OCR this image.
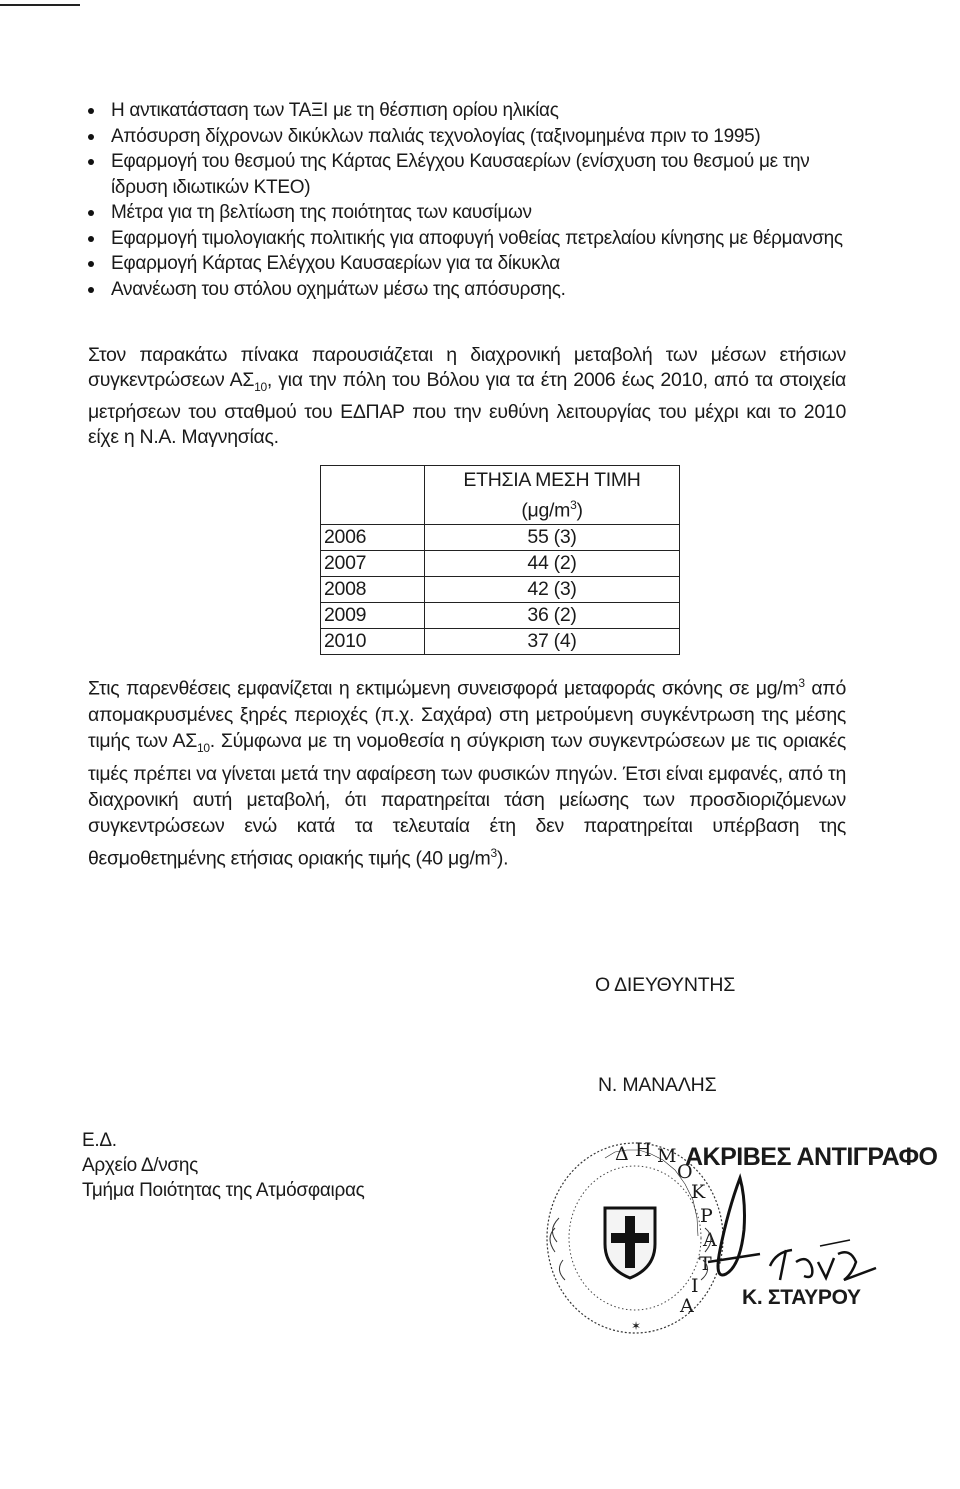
Η αντικατάσταση των ΤΑΞΙ με τη θέσπιση ορίου ηλικίας
Απόσυρση δίχρονων δικύκλων παλιάς τεχνολογίας (ταξινομημένα πριν το 1995)
Εφαρμογή του θεσμού της Κάρτας Ελέγχου Καυσαερίων (ενίσχυση του θεσμού με την ίδρυση ιδιωτικών ΚΤΕΟ)
Μέτρα για τη βελτίωση της ποιότητας των καυσίμων
Εφαρμογή τιμολογιακής πολιτικής για αποφυγή νοθείας πετρελαίου κίνησης με θέρμανσης
Εφαρμογή Κάρτας Ελέγχου Καυσαερίων για τα δίκυκλα
Ανανέωση του στόλου οχημάτων μέσω της απόσυρσης.

Στον παρακάτω πίνακα παρουσιάζεται η διαχρονική μεταβολή των μέσων ετήσιων συγκεντρώσεων $A\Sigma_{10}$, για την πόλη του Βόλου για τα έτη 2006 έως 2010, από τα στοιχεία μετρήσεων του σταθμού του ΕΔΠΑΡ που την ευθύνη λειτουργίας του μέχρι και το 2010 είχε η Ν.Α. Μαγνησίας.

	ΕΤΗΣΙΑ ΜΕΣΗ ΤΙΜΗ
$(\mu g/m^3)$

2006	55 (3)
2007	44 (2)
2008	42 (3)
2009	36 (2)
2010	37 (4)

Στις παρενθέσεις εμφανίζεται η εκτιμώμενη συνεισφορά μεταφοράς σκόνης σε $\mu g/m^3$ από απομακρυσμένες ξηρές περιοχές (π.χ. Σαχάρα) στη μετρούμενη συγκέντρωση της μέσης τιμής των $A\Sigma_{10}$. Σύμφωνα με τη νομοθεσία η σύγκριση των συγκεντρώσεων με τις οριακές τιμές πρέπει να γίνεται μετά την αφαίρεση των φυσικών πηγών. Έτσι είναι εμφανές, από τη διαχρονική αυτή μεταβολή, ότι παρατηρείται τάση μείωσης των προσδιοριζόμενων συγκεντρώσεων ενώ κατά τα τελευταία έτη δεν παρατηρείται υπέρβαση της θεσμοθετημένης ετήσιας οριακής τιμής (40 $\mu g/m^3$).

Ο ΔΙΕΥΘΥΝΤΗΣ
Ν. ΜΑΝΑΛΗΣ
Ε.Δ.
Αρχείο Δ/νσης
Τμήμα Ποιότητας της Ατμόσφαιρας
Δ Η Μ
Ο
Κ
Ρ
Α
Τ
Ι
Α
✶
ΑΚΡΙΒΕΣ ΑΝΤΙΓΡΑΦΟ
Κ. ΣΤΑΥΡΟΥ
